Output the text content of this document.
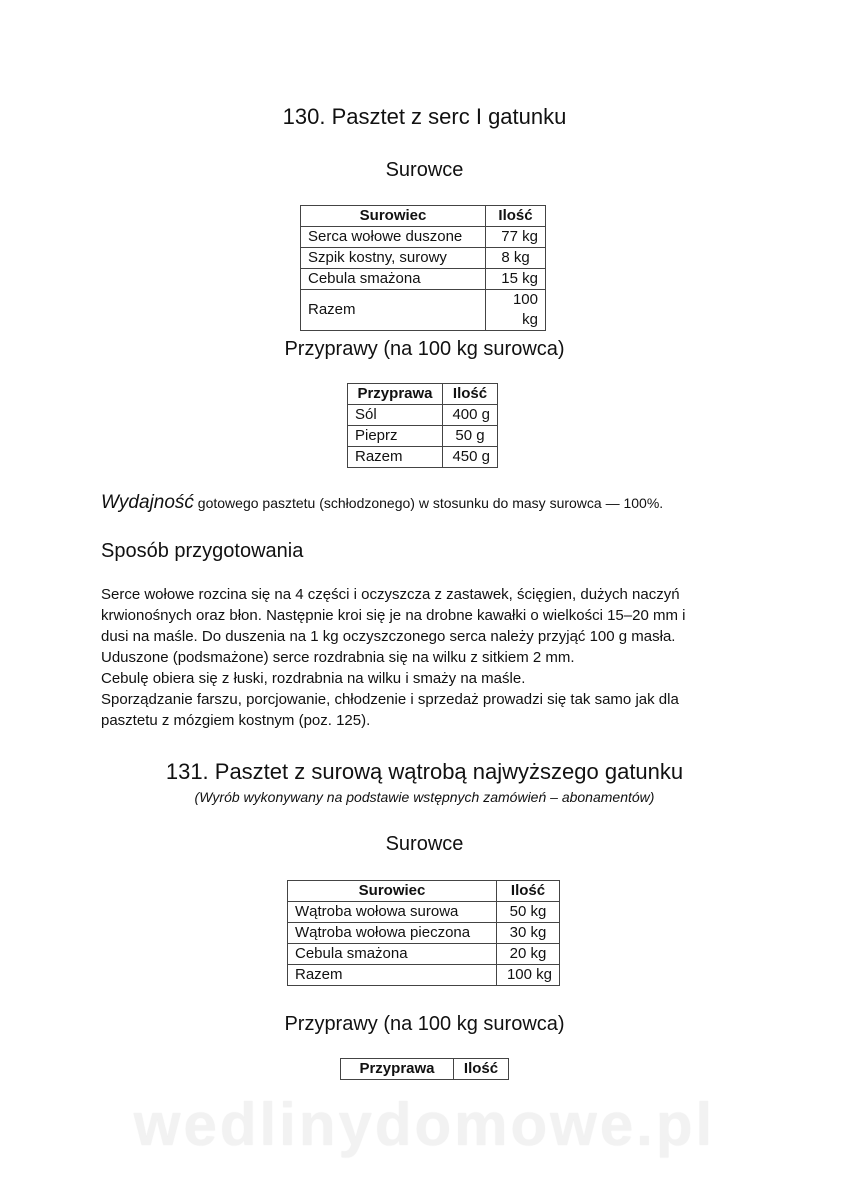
130. Pasztet z serc I gatunku
Surowce
Surowiec	Ilość
Serca wołowe duszone	77 kg
Szpik kostny, surowy	8 kg
Cebula smażona	15 kg
Razem	100 kg
Przyprawy (na 100 kg surowca)
Przyprawa	Ilość
Sól	400 g
Pieprz	50 g
Razem	450 g
Wydajność gotowego pasztetu (schłodzonego) w stosunku do masy surowca — 100%.
Sposób przygotowania
Serce wołowe rozcina się na 4 części i oczyszcza z zastawek, ścięgien, dużych naczyń
krwionośnych oraz błon. Następnie kroi się je na drobne kawałki o wielkości 15–20 mm i
dusi na maśle. Do duszenia na 1 kg oczyszczonego serca należy przyjąć 100 g masła.
Uduszone (podsmażone) serce rozdrabnia się na wilku z sitkiem 2 mm.
Cebulę obiera się z łuski, rozdrabnia na wilku i smaży na maśle.
Sporządzanie farszu, porcjowanie, chłodzenie i sprzedaż prowadzi się tak samo jak dla
pasztetu z mózgiem kostnym (poz. 125).
131. Pasztet z surową wątrobą najwyższego gatunku
(Wyrób wykonywany na podstawie wstępnych zamówień – abonamentów)
Surowce
Surowiec	Ilość
Wątroba wołowa surowa	50 kg
Wątroba wołowa pieczona	30 kg
Cebula smażona	20 kg
Razem	100 kg
Przyprawy (na 100 kg surowca)
Przyprawa	Ilość
wedlinydomowe.pl
